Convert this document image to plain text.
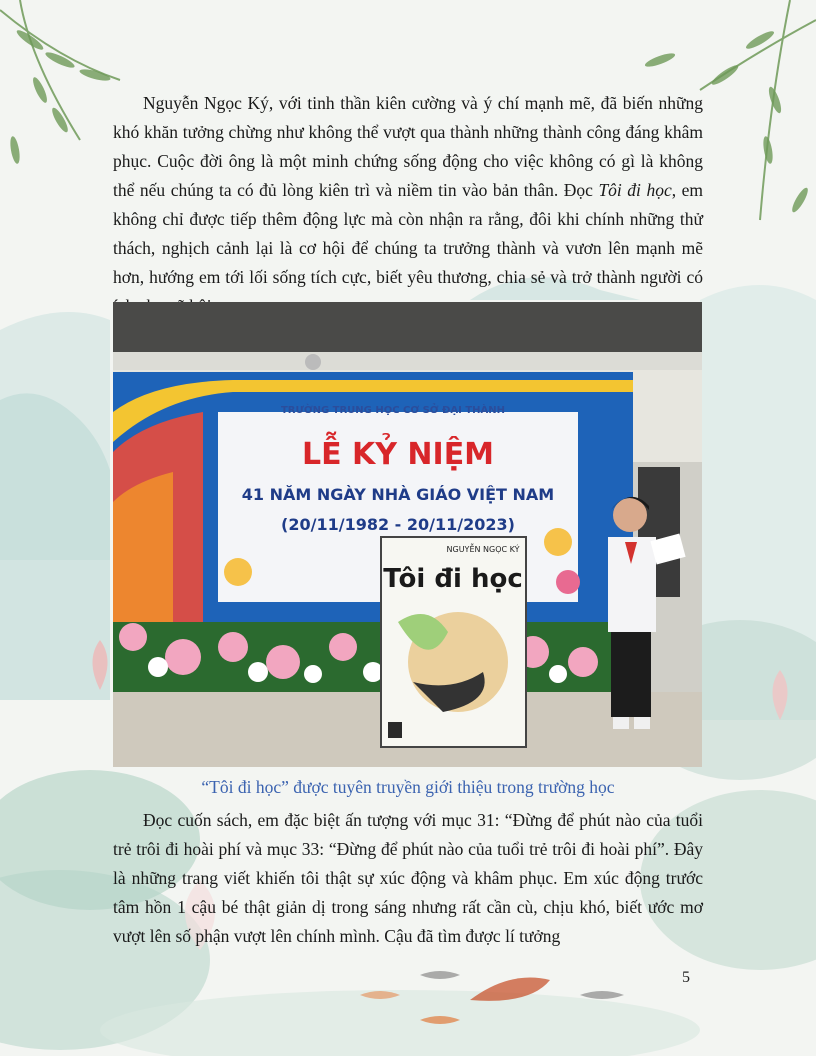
Nguyễn Ngọc Ký, với tinh thần kiên cường và ý chí mạnh mẽ, đã biến những khó khăn tưởng chừng như không thể vượt qua thành những thành công đáng khâm phục. Cuộc đời ông là một minh chứng sống động cho việc không có gì là không thể nếu chúng ta có đủ lòng kiên trì và niềm tin vào bản thân. Đọc Tôi đi học, em không chỉ được tiếp thêm động lực mà còn nhận ra rằng, đôi khi chính những thử thách, nghịch cảnh lại là cơ hội để chúng ta trưởng thành và vươn lên mạnh mẽ hơn, hướng em tới lối sống tích cực, biết yêu thương, chia sẻ và trở thành người có

TRƯỜNG TRUNG HỌC CƠ SỞ ĐẠI THÀNH
LỄ KỶ NIỆM
41 NĂM NGÀY NHÀ GIÁO VIỆT NAM
(20/11/1982 - 20/11/2023)
NGUYỄN NGỌC KÝ
Tôi đi học
“Tôi đi học” được tuyên truyền giới thiệu trong trường học

Đọc cuốn sách, em đặc biệt ấn tượng với mục 31: “Đừng để phút nào của tuổi trẻ trôi đi hoài phí và mục 33: “Đừng để phút nào của tuổi trẻ trôi đi hoài phí”. Đây là những trang viết khiến tôi thật sự xúc động và khâm phục. Em xúc động trước tâm hồn 1 cậu bé thật giản dị trong sáng nhưng rất cần cù, chịu khó, biết ước mơ vượt lên số phận vượt lên chính mình. Cậu đã tìm được lí tưởng

5
